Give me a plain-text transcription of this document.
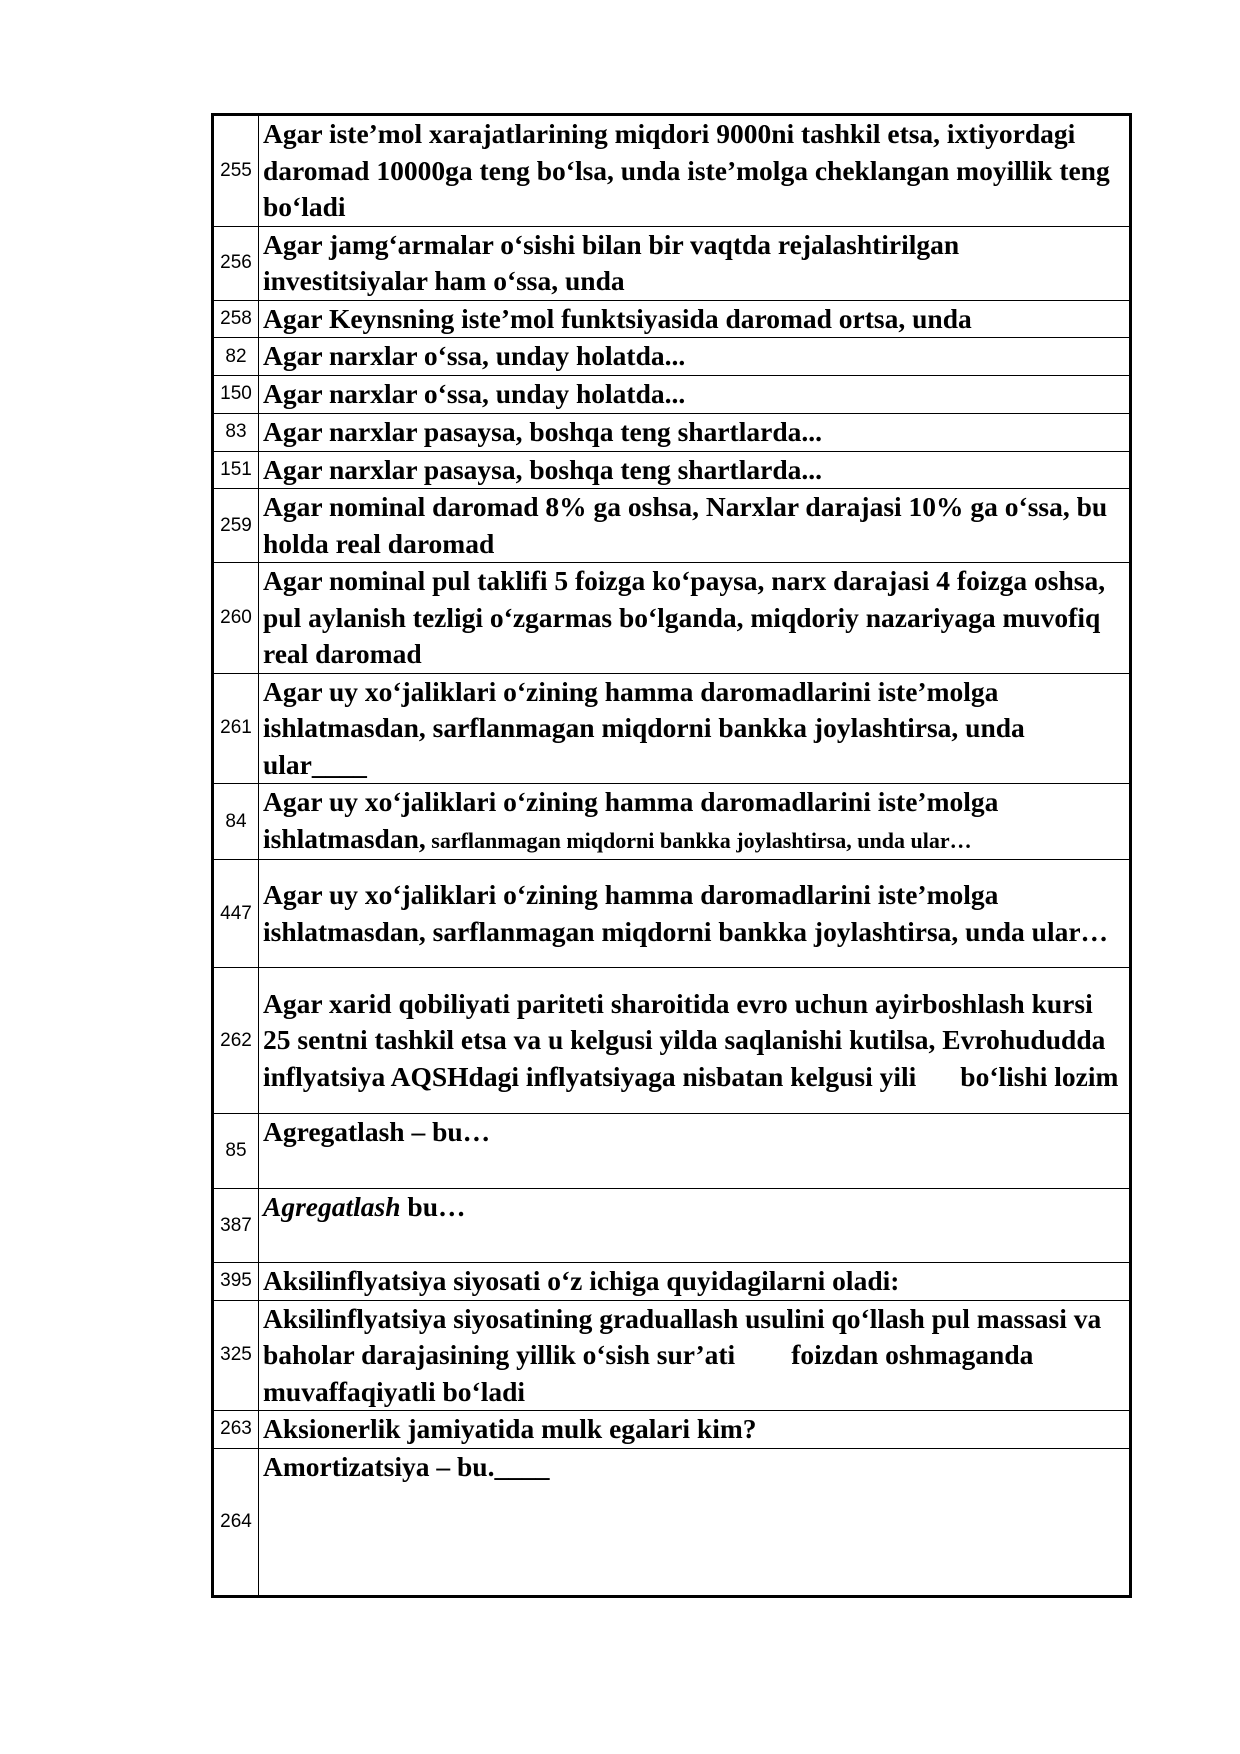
255	Agar iste’mol xarajatlarining miqdori 9000ni tashkil etsa, ixtiyordagi daromad 10000ga teng bo‘lsa, unda iste’molga cheklangan moyillik teng bo‘ladi
256	Agar jamg‘armalar o‘sishi bilan bir vaqtda rejalashtirilgan investitsiyalar ham o‘ssa, unda
258	Agar Keynsning iste’mol funktsiyasida daromad ortsa, unda
82	Agar narxlar o‘ssa, unday holatda...
150	Agar narxlar o‘ssa, unday holatda...
83	Agar narxlar pasaysa, boshqa teng shartlarda...
151	Agar narxlar pasaysa, boshqa teng shartlarda...
259	Agar nominal daromad 8% ga oshsa, Narxlar darajasi 10% ga o‘ssa, bu holda real daromad
260	Agar nominal pul taklifi 5 foizga ko‘paysa, narx darajasi 4 foizga oshsa, pul aylanish tezligi o‘zgarmas bo‘lganda, miqdoriy nazariyaga muvofiq real daromad
261	Agar uy xo‘jaliklari o‘zining hamma daromadlarini iste’molga ishlatmasdan, sarflanmagan miqdorni bankka joylashtirsa, unda ular____
84	Agar uy xo‘jaliklari o‘zining hamma daromadlarini iste’molga ishlatmasdan, sarflanmagan miqdorni bankka joylashtirsa, unda ular…
447	Agar uy xo‘jaliklari o‘zining hamma daromadlarini iste’molga ishlatmasdan, sarflanmagan miqdorni bankka joylashtirsa, unda ular…
262	Agar xarid qobiliyati pariteti sharoitida evro uchun ayirboshlash kursi 25 sentni tashkil etsa va u kelgusi yilda saqlanishi kutilsa, Evrohududda inflyatsiya AQSHdagi inflyatsiyaga nisbatan kelgusi yili bo‘lishi lozim
85	Agregatlash – bu…
387	Agregatlash bu…
395	Aksilinflyatsiya siyosati o‘z ichiga quyidagilarni oladi:
325	Aksilinflyatsiya siyosatining graduallash usulini qo‘llash pul massasi va baholar darajasining yillik o‘sish sur’ati foizdan oshmaganda muvaffaqiyatli bo‘ladi
263	Aksionerlik jamiyatida mulk egalari kim?
264	Amortizatsiya – bu.____
